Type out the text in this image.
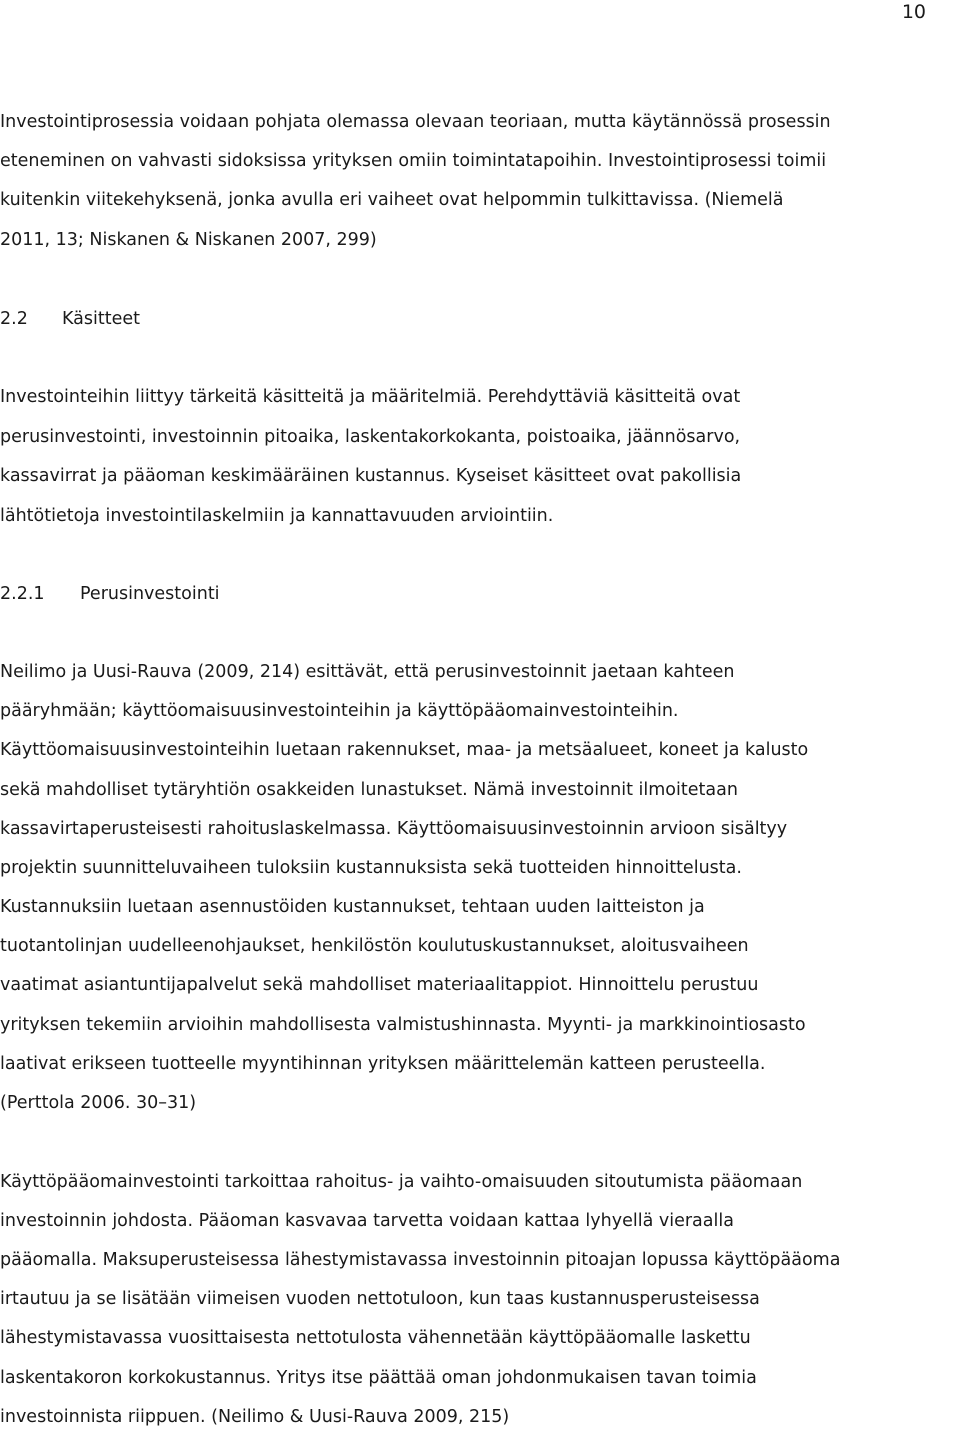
10
Investointiprosessia voidaan pohjata olemassa olevaan teoriaan, mutta käytännössä prosessin
eteneminen on vahvasti sidoksissa yrityksen omiin toimintatapoihin. Investointiprosessi toimii
kuitenkin viitekehyksenä, jonka avulla eri vaiheet ovat helpommin tulkittavissa. (Niemelä
2011, 13; Niskanen & Niskanen 2007, 299)
2.2 Käsitteet
Investointeihin liittyy tärkeitä käsitteitä ja määritelmiä. Perehdyttäviä käsitteitä ovat
perusinvestointi, investoinnin pitoaika, laskentakorkokanta, poistoaika, jäännösarvo,
kassavirrat ja pääoman keskimääräinen kustannus. Kyseiset käsitteet ovat pakollisia
lähtötietoja investointilaskelmiin ja kannattavuuden arviointiin.
2.2.1 Perusinvestointi
Neilimo ja Uusi-Rauva (2009, 214) esittävät, että perusinvestoinnit jaetaan kahteen
pääryhmään; käyttöomaisuusinvestointeihin ja käyttöpääomainvestointeihin.
Käyttöomaisuusinvestointeihin luetaan rakennukset, maa- ja metsäalueet, koneet ja kalusto
sekä mahdolliset tytäryhtiön osakkeiden lunastukset. Nämä investoinnit ilmoitetaan
kassavirtaperusteisesti rahoituslaskelmassa. Käyttöomaisuusinvestoinnin arvioon sisältyy
projektin suunnitteluvaiheen tuloksiin kustannuksista sekä tuotteiden hinnoittelusta.
Kustannuksiin luetaan asennustöiden kustannukset, tehtaan uuden laitteiston ja
tuotantolinjan uudelleenohjaukset, henkilöstön koulutuskustannukset, aloitusvaiheen
vaatimat asiantuntijapalvelut sekä mahdolliset materiaalitappiot. Hinnoittelu perustuu
yrityksen tekemiin arvioihin mahdollisesta valmistushinnasta. Myynti- ja markkinointiosasto
laativat erikseen tuotteelle myyntihinnan yrityksen määrittelemän katteen perusteella.
(Perttola 2006. 30–31)
Käyttöpääomainvestointi tarkoittaa rahoitus- ja vaihto-omaisuuden sitoutumista pääomaan
investoinnin johdosta. Pääoman kasvavaa tarvetta voidaan kattaa lyhyellä vieraalla
pääomalla. Maksuperusteisessa lähestymistavassa investoinnin pitoajan lopussa käyttöpääoma
irtautuu ja se lisätään viimeisen vuoden nettotuloon, kun taas kustannusperusteisessa
lähestymistavassa vuosittaisesta nettotulosta vähennetään käyttöpääomalle laskettu
laskentakoron korkokustannus. Yritys itse päättää oman johdonmukaisen tavan toimia
investoinnista riippuen. (Neilimo & Uusi-Rauva 2009, 215)
